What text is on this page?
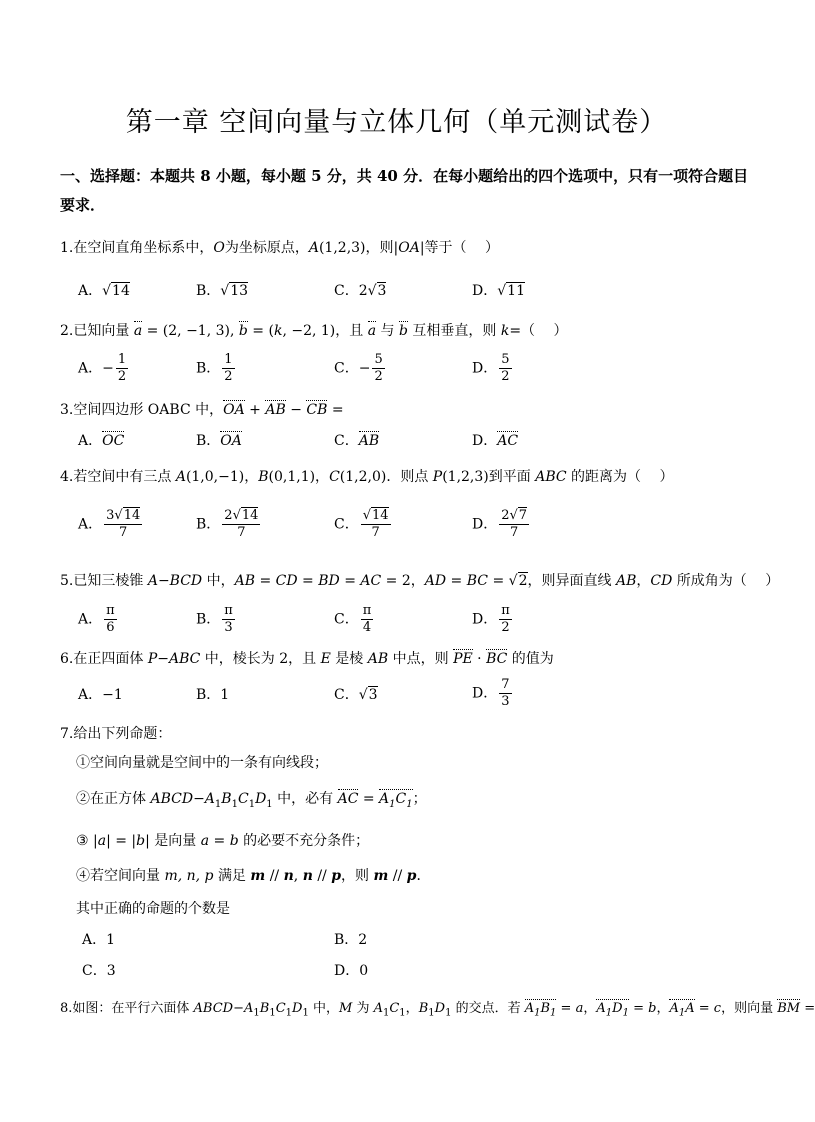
第一章 空间向量与立体几何（单元测试卷）
一、选择题：本题共 8 小题，每小题 5 分，共 40 分．在每小题给出的四个选项中，只有一项符合题目要求．
1.在空间直角坐标系中，O为坐标原点，A(1,2,3)，则|OA|等于（　 ）
A．√14	B．√13	C．2√3	D．√11
2.已知向量 a = (2, −1, 3), b = (k, −2, 1)，且 a 与 b 互相垂直，则 k=（　 ）
A．− $\frac{1}{2}$	B． $\frac{1}{2}$	C．− $\frac{5}{2}$	D． $\frac{5}{2}$
3.空间四边形 OABC 中，OA + AB − CB =
A．OC	B．OA	C．AB	D．AC
4.若空间中有三点 A(1,0,−1)，B(0,1,1)，C(1,2,0)．则点 P(1,2,3)到平面 ABC 的距离为（　 ）
A． $\frac{3√14}{7}$	B． $\frac{2√14}{7}$	C． $\frac{√14}{7}$	D． $\frac{2√7}{7}$
5.已知三棱锥 A−BCD 中，AB = CD = BD = AC = 2，AD = BC = √2，则异面直线 AB，CD 所成角为（　 ）
A． $\frac{\pi}{6}$	B． $\frac{\pi}{3}$	C． $\frac{\pi}{4}$	D． $\frac{\pi}{2}$
6.在正四面体 P−ABC 中，棱长为 2，且 E 是棱 AB 中点，则 PE · BC 的值为
A．−1	B．1	C．√3	D． $\frac{7}{3}$
7.给出下列命题：
①空间向量就是空间中的一条有向线段；
②在正方体 $ABCD-A_1B_1C_1D_1$ 中，必有 AC = $A_1C_1$；
③ |a| = |b| 是向量 a = b 的必要不充分条件；
④若空间向量 m, n, p 满足 m // n, n // p，则 m // p．
其中正确的命题的个数是
A．1	B．2
C．3	D．0
8.如图：在平行六面体 $ABCD-A_1B_1C_1D_1$ 中，M 为 $A_1C_1$，$B_1D_1$ 的交点．若 $A_1B_1 = a$，$A_1D_1 = b$，$A_1A = c$，则向量 BM =
